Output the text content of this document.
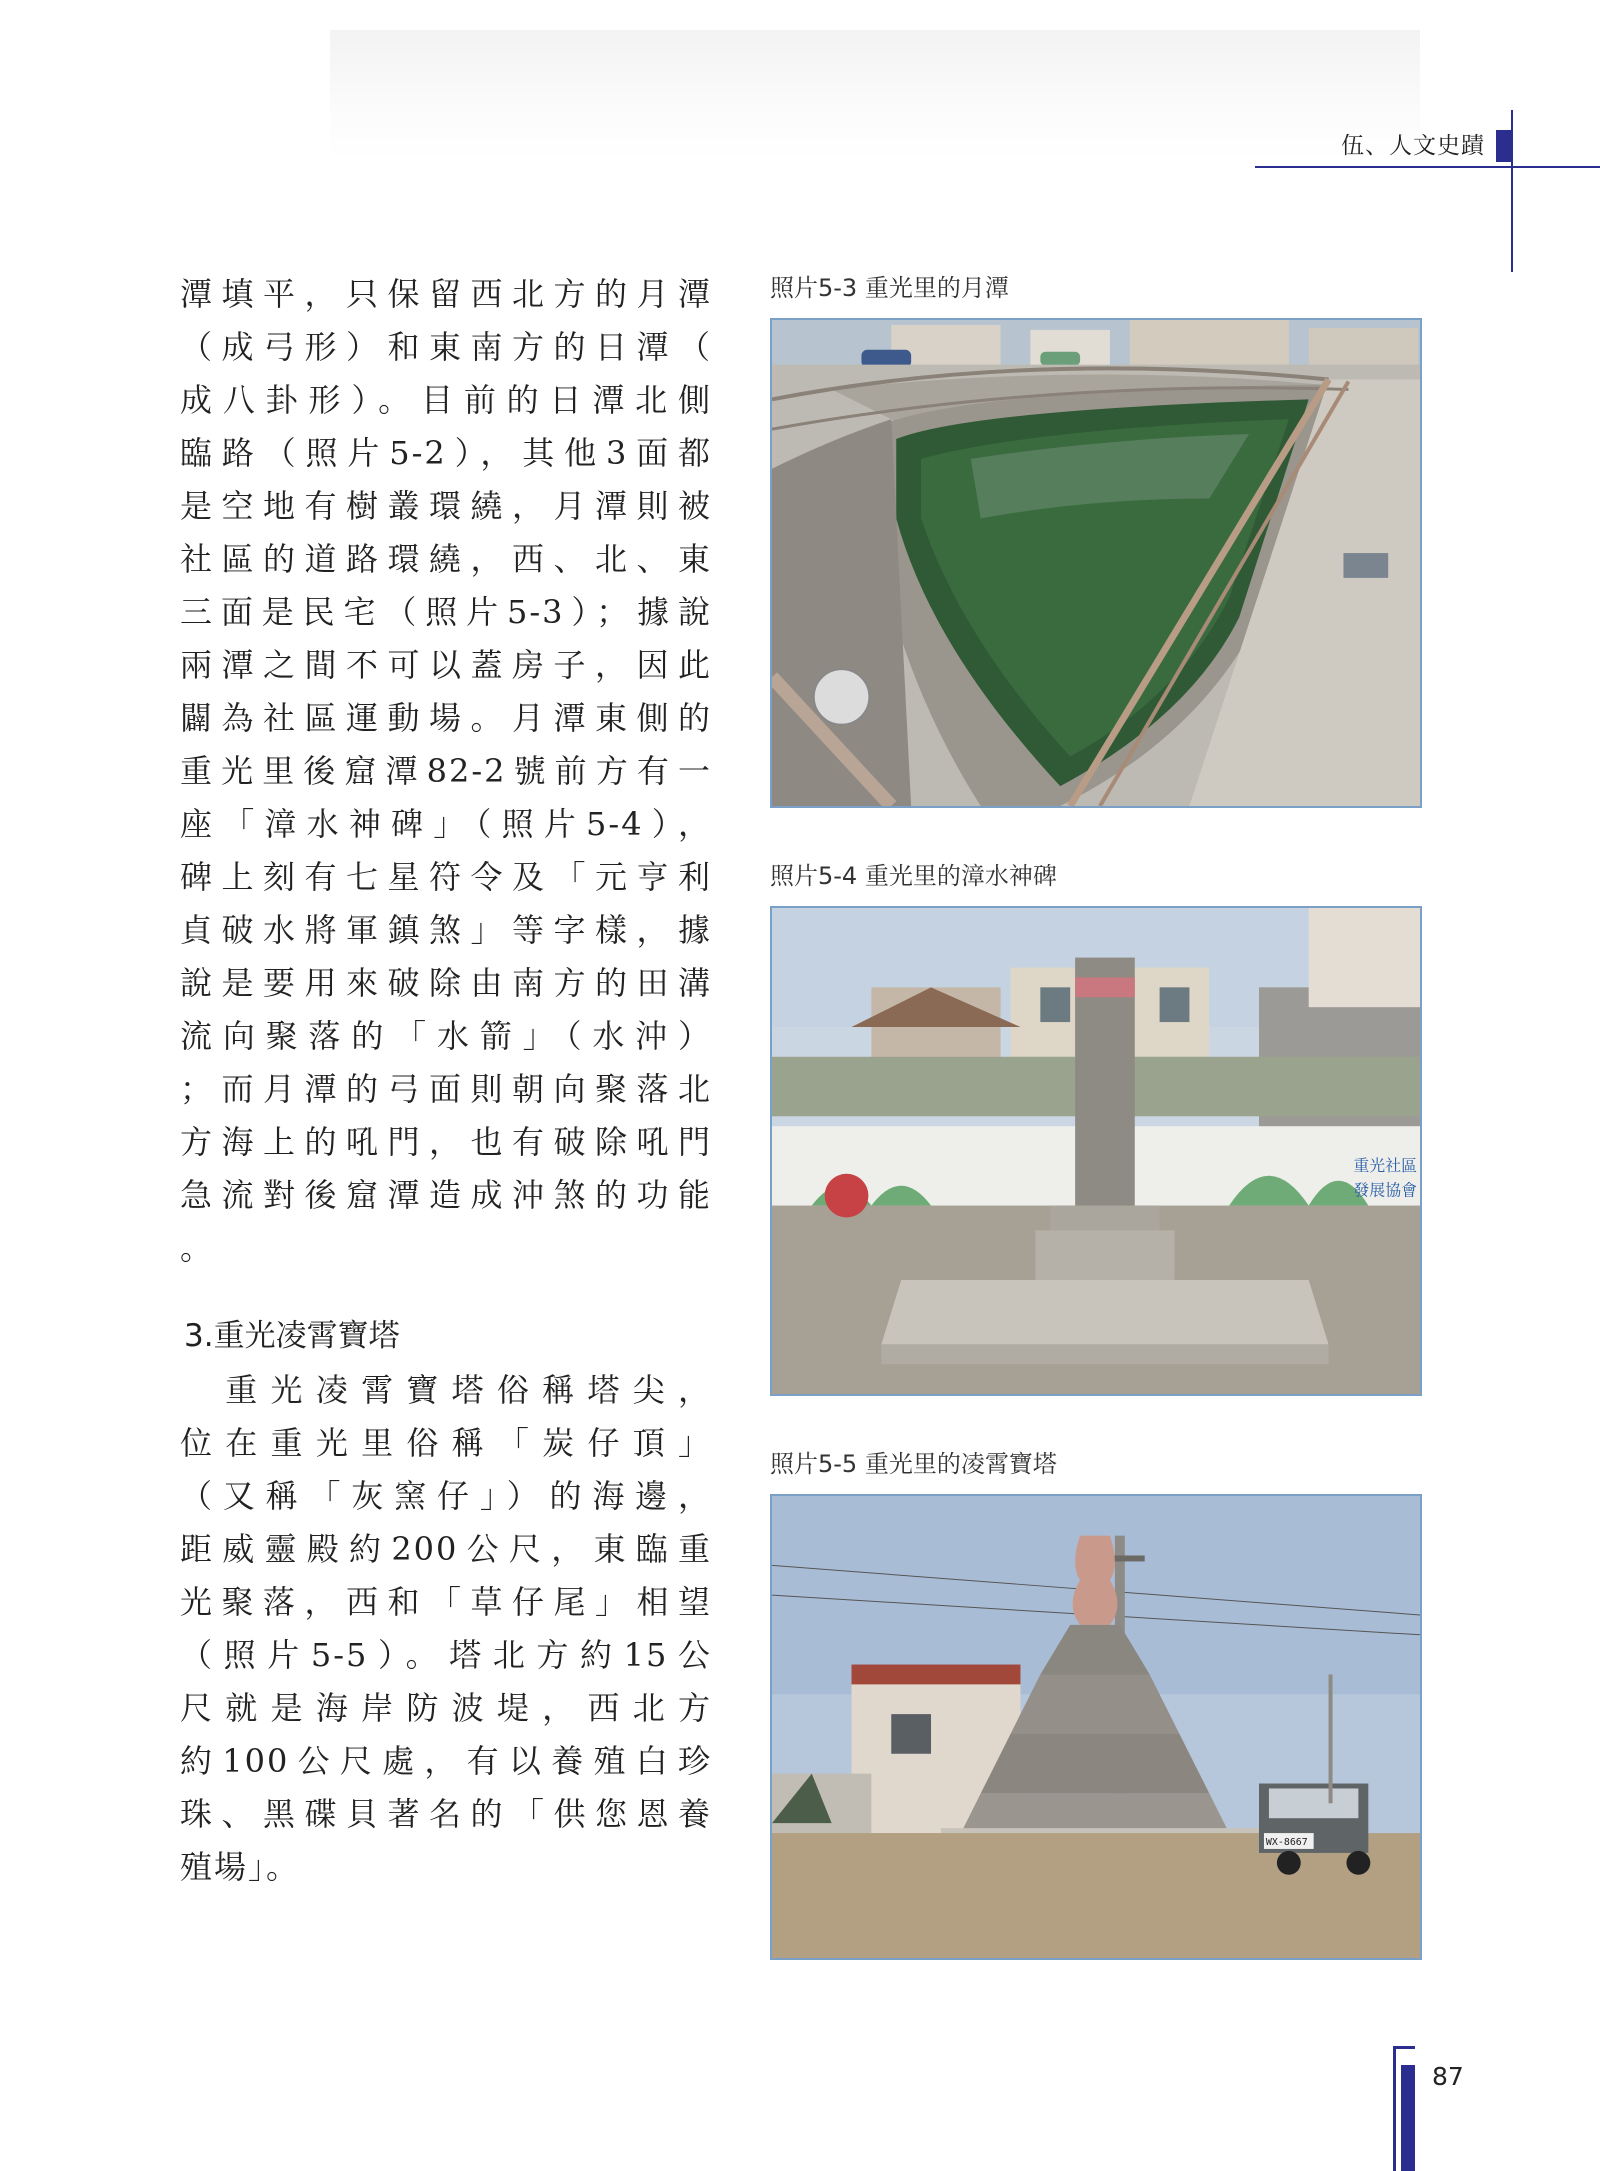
伍、人文史蹟
潭填平，只保留西北方的月潭
（成弓形）和東南方的日潭（
成八卦形）。目前的日潭北側
臨路（照片5-2），其他3面都
是空地有樹叢環繞，月潭則被
社區的道路環繞，西、北、東
三面是民宅（照片5-3）；據說
兩潭之間不可以蓋房子，因此
闢為社區運動場。月潭東側的
重光里後窟潭82-2號前方有一
座「漳水神碑」（照片5-4），
碑上刻有七星符令及「元亨利
貞破水將軍鎮煞」等字樣，據
說是要用來破除由南方的田溝
流向聚落的「水箭」（水沖）
；而月潭的弓面則朝向聚落北
方海上的吼門，也有破除吼門
急流對後窟潭造成沖煞的功能
。
3.重光凌霄寶塔
　重光凌霄寶塔俗稱塔尖，
位在重光里俗稱「炭仔頂」
（又稱「灰窯仔」）的海邊，
距威靈殿約200公尺，東臨重
光聚落，西和「草仔尾」相望
（照片5-5）。塔北方約15公
尺就是海岸防波堤，西北方
約100公尺處，有以養殖白珍
珠、黑碟貝著名的「供您恩養
殖場」。
照片5-3 重光里的月潭
照片5-4 重光里的漳水神碑
重光社區
發展協會
照片5-5 重光里的凌霄寶塔
WX-8667
87
